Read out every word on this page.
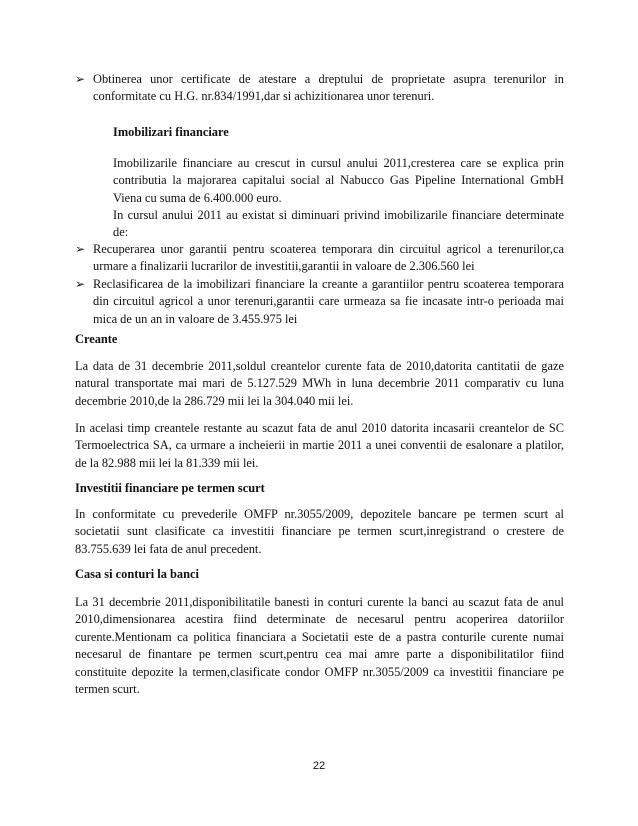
➢ Obtinerea unor certificate de atestare a dreptului de proprietate asupra terenurilor in conformitate cu H.G. nr.834/1991,dar si achizitionarea unor terenuri.

Imobilizari financiare

Imobilizarile financiare au crescut in cursul anului 2011,cresterea care se explica prin contributia la majorarea capitalui social al Nabucco Gas Pipeline International GmbH Viena cu suma de 6.400.000 euro.

In cursul anului 2011 au existat si diminuari privind imobilizarile financiare determinate de:

➢ Recuperarea unor garantii pentru scoaterea temporara din circuitul agricol a terenurilor,ca urmare a finalizarii lucrarilor de investitii,garantii in valoare de 2.306.560 lei
➢ Reclasificarea de la imobilizari financiare la creante a garantiilor pentru scoaterea temporara din circuitul agricol a unor terenuri,garantii care urmeaza sa fie incasate intr-o perioada mai mica de un an in valoare de 3.455.975 lei

Creante

La data de 31 decembrie 2011,soldul creantelor curente fata de 2010,datorita cantitatii de gaze natural transportate mai mari de 5.127.529 MWh in luna decembrie 2011 comparativ cu luna decembrie 2010,de la 286.729 mii lei la 304.040 mii lei.

In acelasi timp creantele restante au scazut fata de anul 2010 datorita incasarii creantelor de SC Termoelectrica SA, ca urmare a incheierii in martie 2011 a unei conventii de esalonare a platilor, de la 82.988 mii lei la 81.339 mii lei.

Investitii financiare pe termen scurt

In conformitate cu prevederile OMFP nr.3055/2009, depozitele bancare pe termen scurt al societatii sunt clasificate ca investitii financiare pe termen scurt,inregistrand o crestere de 83.755.639 lei fata de anul precedent.

Casa si conturi la banci

La 31 decembrie 2011,disponibilitatile banesti in conturi curente la banci au scazut fata de anul 2010,dimensionarea acestira fiind determinate de necesarul pentru acoperirea datoriilor curente.Mentionam ca politica financiara a Societatii este de a pastra conturile curente numai necesarul de finantare pe termen scurt,pentru cea mai amre parte a disponibilitatilor fiind constituite depozite la termen,clasificate condor OMFP nr.3055/2009 ca investitii financiare pe termen scurt.

22
